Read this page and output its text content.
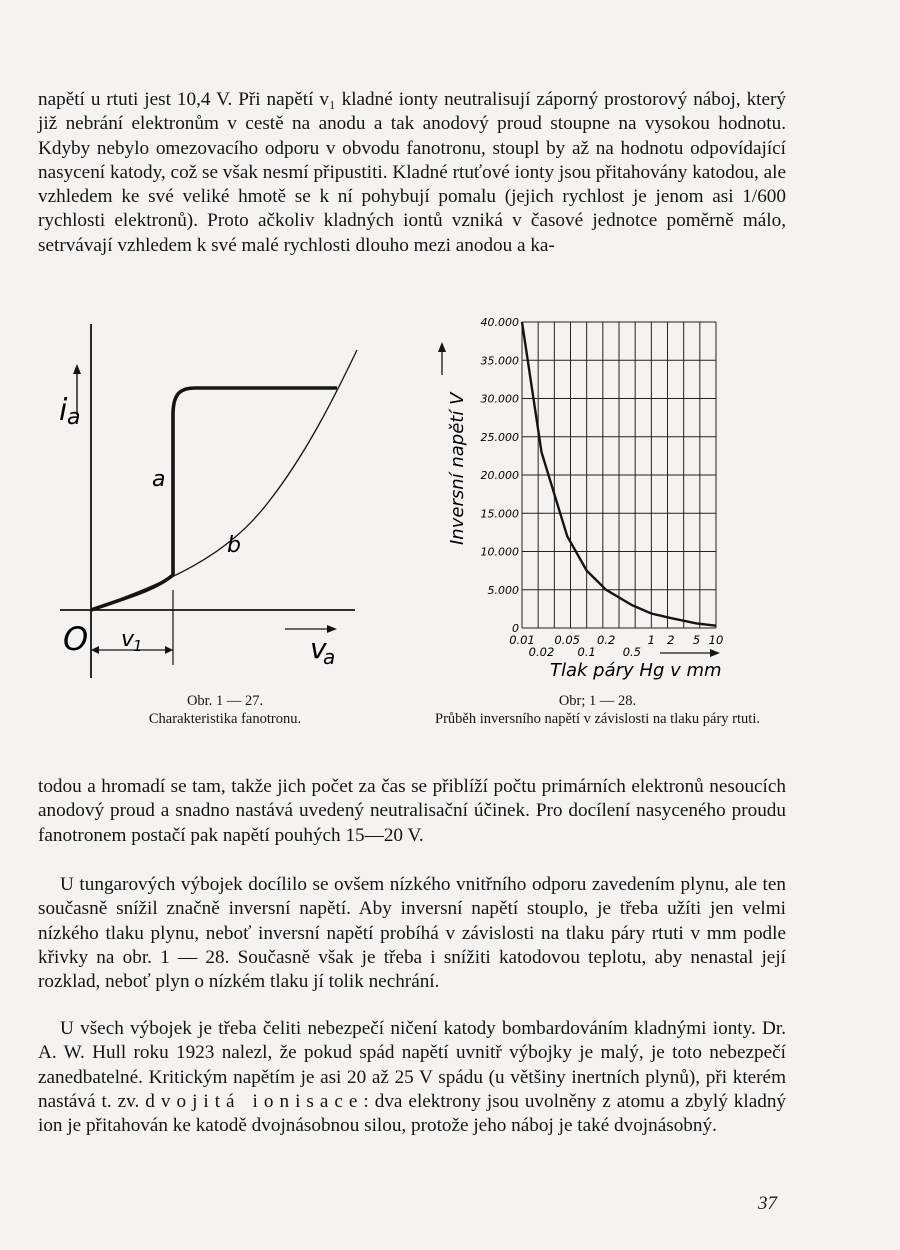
napětí u rtuti jest 10,4 V. Při napětí v₁ kladné ionty neutralisují záporný prostorový náboj, který již nebrání elektronům v cestě na anodu a tak anodový proud stoupne na vysokou hodnotu. Kdyby nebylo omezovacího odporu v obvodu fanotronu, stoupl by až na hodnotu odpovídající nasycení katody, což se však nesmí připustiti. Kladné rtuťové ionty jsou přitahovány katodou, ale vzhledem ke své veliké hmotě se k ní pohybují pomalu (jejich rychlost je jenom asi 1/600 rychlosti elektronů). Proto ačkoliv kladných iontů vzniká v časové jednotce poměrně málo, setrvávají vzhledem k své malé rychlosti dlouho mezi anodou a ka-

i a
a
b
O v
1	v
a
40.000
35.000
30.000
25.000
20.000
15.000
10.000
5.000
0
0.01 0.05 0.2	1 2 5 10
0.02 0.1 0.5
Inversní napětí V
Tlak páry Hg v mm

Obr. 1 — 27.
Charakteristika fanotronu.

Obr; 1 — 28.
Průběh inversního napětí v závislosti na tlaku páry rtuti.

todou a hromadí se tam, takže jich počet za čas se přiblíží počtu primárních elektronů nesoucích anodový proud a snadno nastává uvedený neutralisační účinek. Pro docílení nasyceného proudu fanotronem postačí pak napětí pouhých 15—20 V.

U tungarových výbojek docílilo se ovšem nízkého vnitřního odporu zavedením plynu, ale ten současně snížil značně inversní napětí. Aby inversní napětí stouplo, je třeba užíti jen velmi nízkého tlaku plynu, neboť inversní napětí probíhá v závislosti na tlaku páry rtuti v mm podle křivky na obr. 1 — 28. Současně však je třeba i snížiti katodovou teplotu, aby nenastal její rozklad, neboť plyn o nízkém tlaku jí tolik nechrání.

U všech výbojek je třeba čeliti nebezpečí ničení katody bombardováním kladnými ionty. Dr. A. W. Hull roku 1923 nalezl, že pokud spád napětí uvnitř výbojky je malý, je toto nebezpečí zanedbatelné. Kritickým napětím je asi 20 až 25 V spádu (u většiny inertních plynů), při kterém nastává t. zv. dvojitá ionisace: dva elektrony jsou uvolněny z atomu a zbylý kladný ion je přitahován ke katodě dvojnásobnou silou, protože jeho náboj je také dvojnásobný.

37
